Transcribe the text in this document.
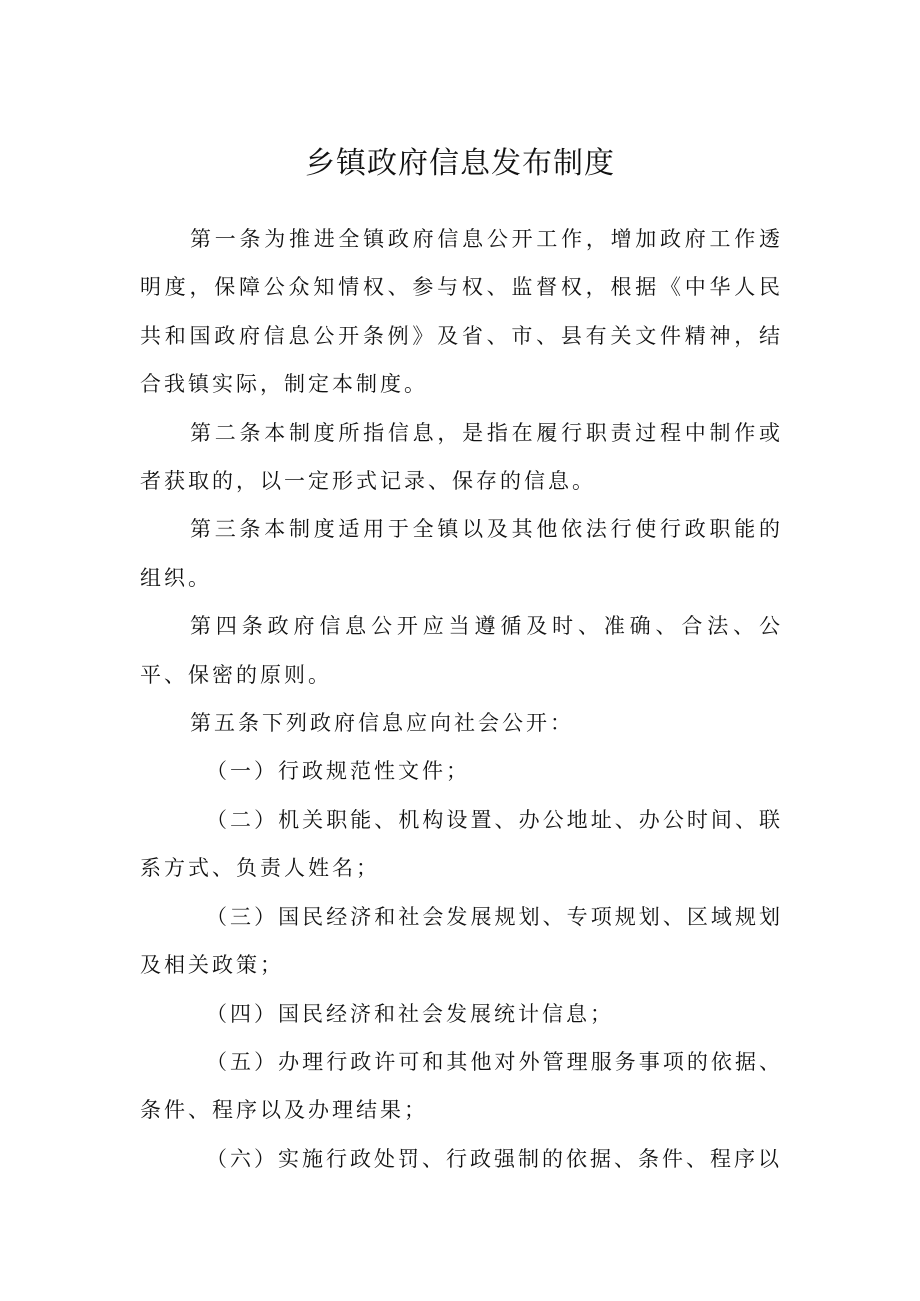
乡镇政府信息发布制度

第一条为推进全镇政府信息公开工作，增加政府工作透明度，保障公众知情权、参与权、监督权，根据《中华人民共和国政府信息公开条例》及省、市、县有关文件精神，结合我镇实际，制定本制度。

第二条本制度所指信息，是指在履行职责过程中制作或者获取的，以一定形式记录、保存的信息。

第三条本制度适用于全镇以及其他依法行使行政职能的组织。

第四条政府信息公开应当遵循及时、准确、合法、公平、保密的原则。

第五条下列政府信息应向社会公开：

（一）行政规范性文件；

（二）机关职能、机构设置、办公地址、办公时间、联系方式、负责人姓名；

（三）国民经济和社会发展规划、专项规划、区域规划及相关政策；

（四）国民经济和社会发展统计信息；

（五）办理行政许可和其他对外管理服务事项的依据、条件、程序以及办理结果；

（六）实施行政处罚、行政强制的依据、条件、程序以
